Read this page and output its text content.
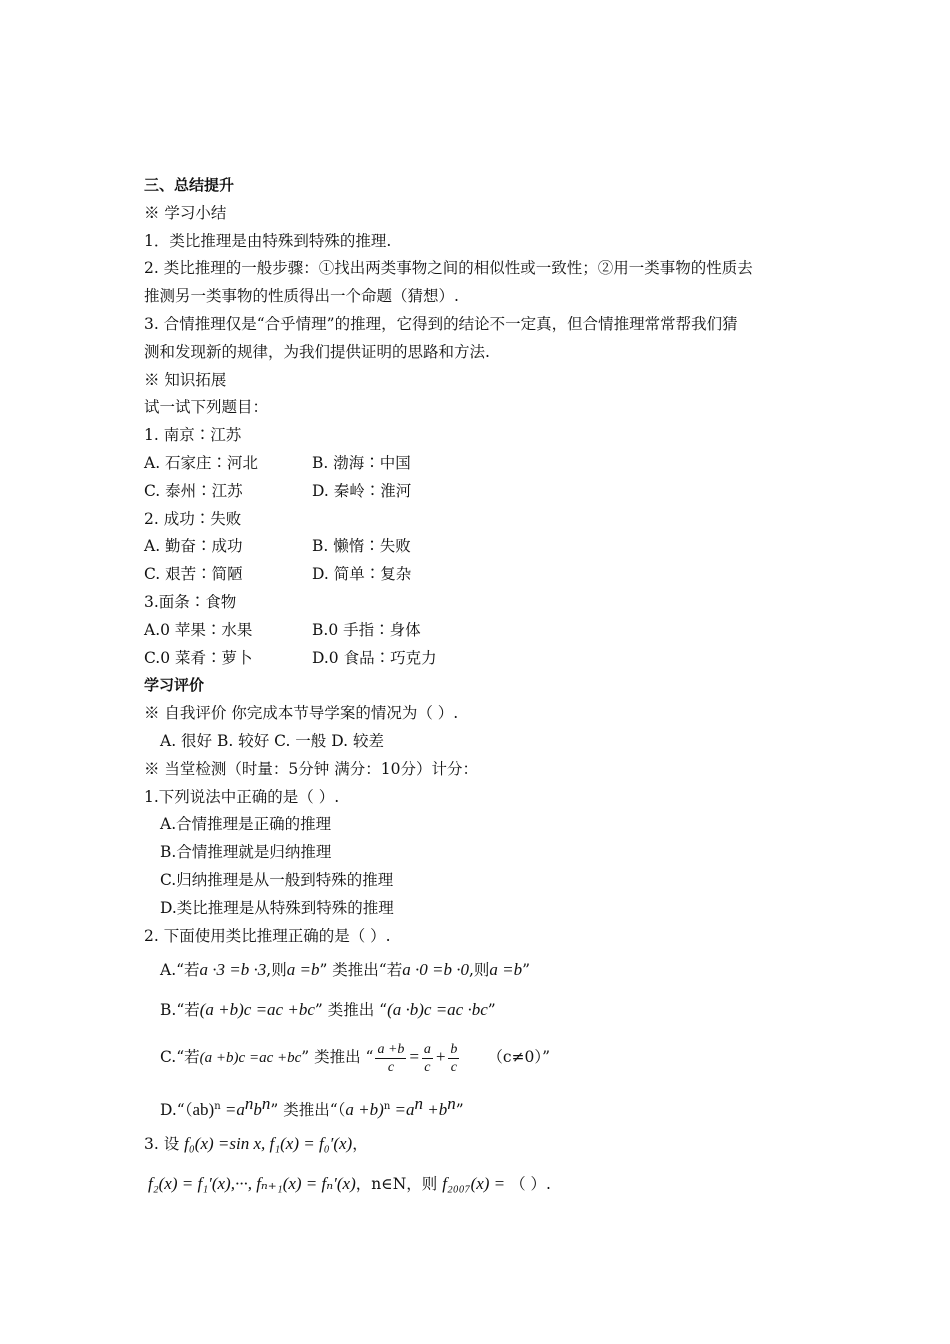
三、总结提升
※ 学习小结
1．类比推理是由特殊到特殊的推理.
2. 类比推理的一般步骤：①找出两类事物之间的相似性或一致性；②用一类事物的性质去
推测另一类事物的性质得出一个命题（猜想）.
3. 合情推理仅是“合乎情理”的推理，它得到的结论不一定真，但合情推理常常帮我们猜
测和发现新的规律，为我们提供证明的思路和方法.
※ 知识拓展
试一试下列题目：
1. 南京∶江苏
A. 石家庄∶河北	B. 渤海∶中国
C. 泰州∶江苏	D. 秦岭∶淮河
2. 成功∶失败
A. 勤奋∶成功	B. 懒惰∶失败
C. 艰苦∶简陋	D. 简单∶复杂
3.面条∶食物
A.0 苹果∶水果	B.0 手指∶身体
C.0 菜肴∶萝卜	D.0 食品∶巧克力
学习评价
※ 自我评价 你完成本节导学案的情况为（ ）.
A. 很好 B. 较好 C. 一般 D. 较差
※ 当堂检测（时量：5分钟 满分：10分）计分：
1.下列说法中正确的是（ ）.
A.合情推理是正确的推理
B.合情推理就是归纳推理
C.归纳推理是从一般到特殊的推理
D.类比推理是从特殊到特殊的推理
2. 下面使用类比推理正确的是（ ）.
A.“若a ·3 =b ·3,则a =b” 类推出“若a ·0 =b ·0,则a =b”
B.“若(a +b)c =ac +bc” 类推出 “(a ·b)c =ac ·bc”
C.“若(a +b)c =ac +bc” 类推出 “ $\frac{a +b}{c} = \frac{a}{c} + \frac{b}{c} (c\ne 0)$”
D.“（ab)$^n$ $=a^nb^n$” 类推出“$(a +b)^n =a^n +b^n$”
3. 设 f₀(x) =sin x, f₁(x) = f₀′(x)，
f₂(x) = f₁′(x),···, fₙ₊₁(x) = fₙ′(x)，n∈N，则 f₂₀₀₇(x) = （ ）.
